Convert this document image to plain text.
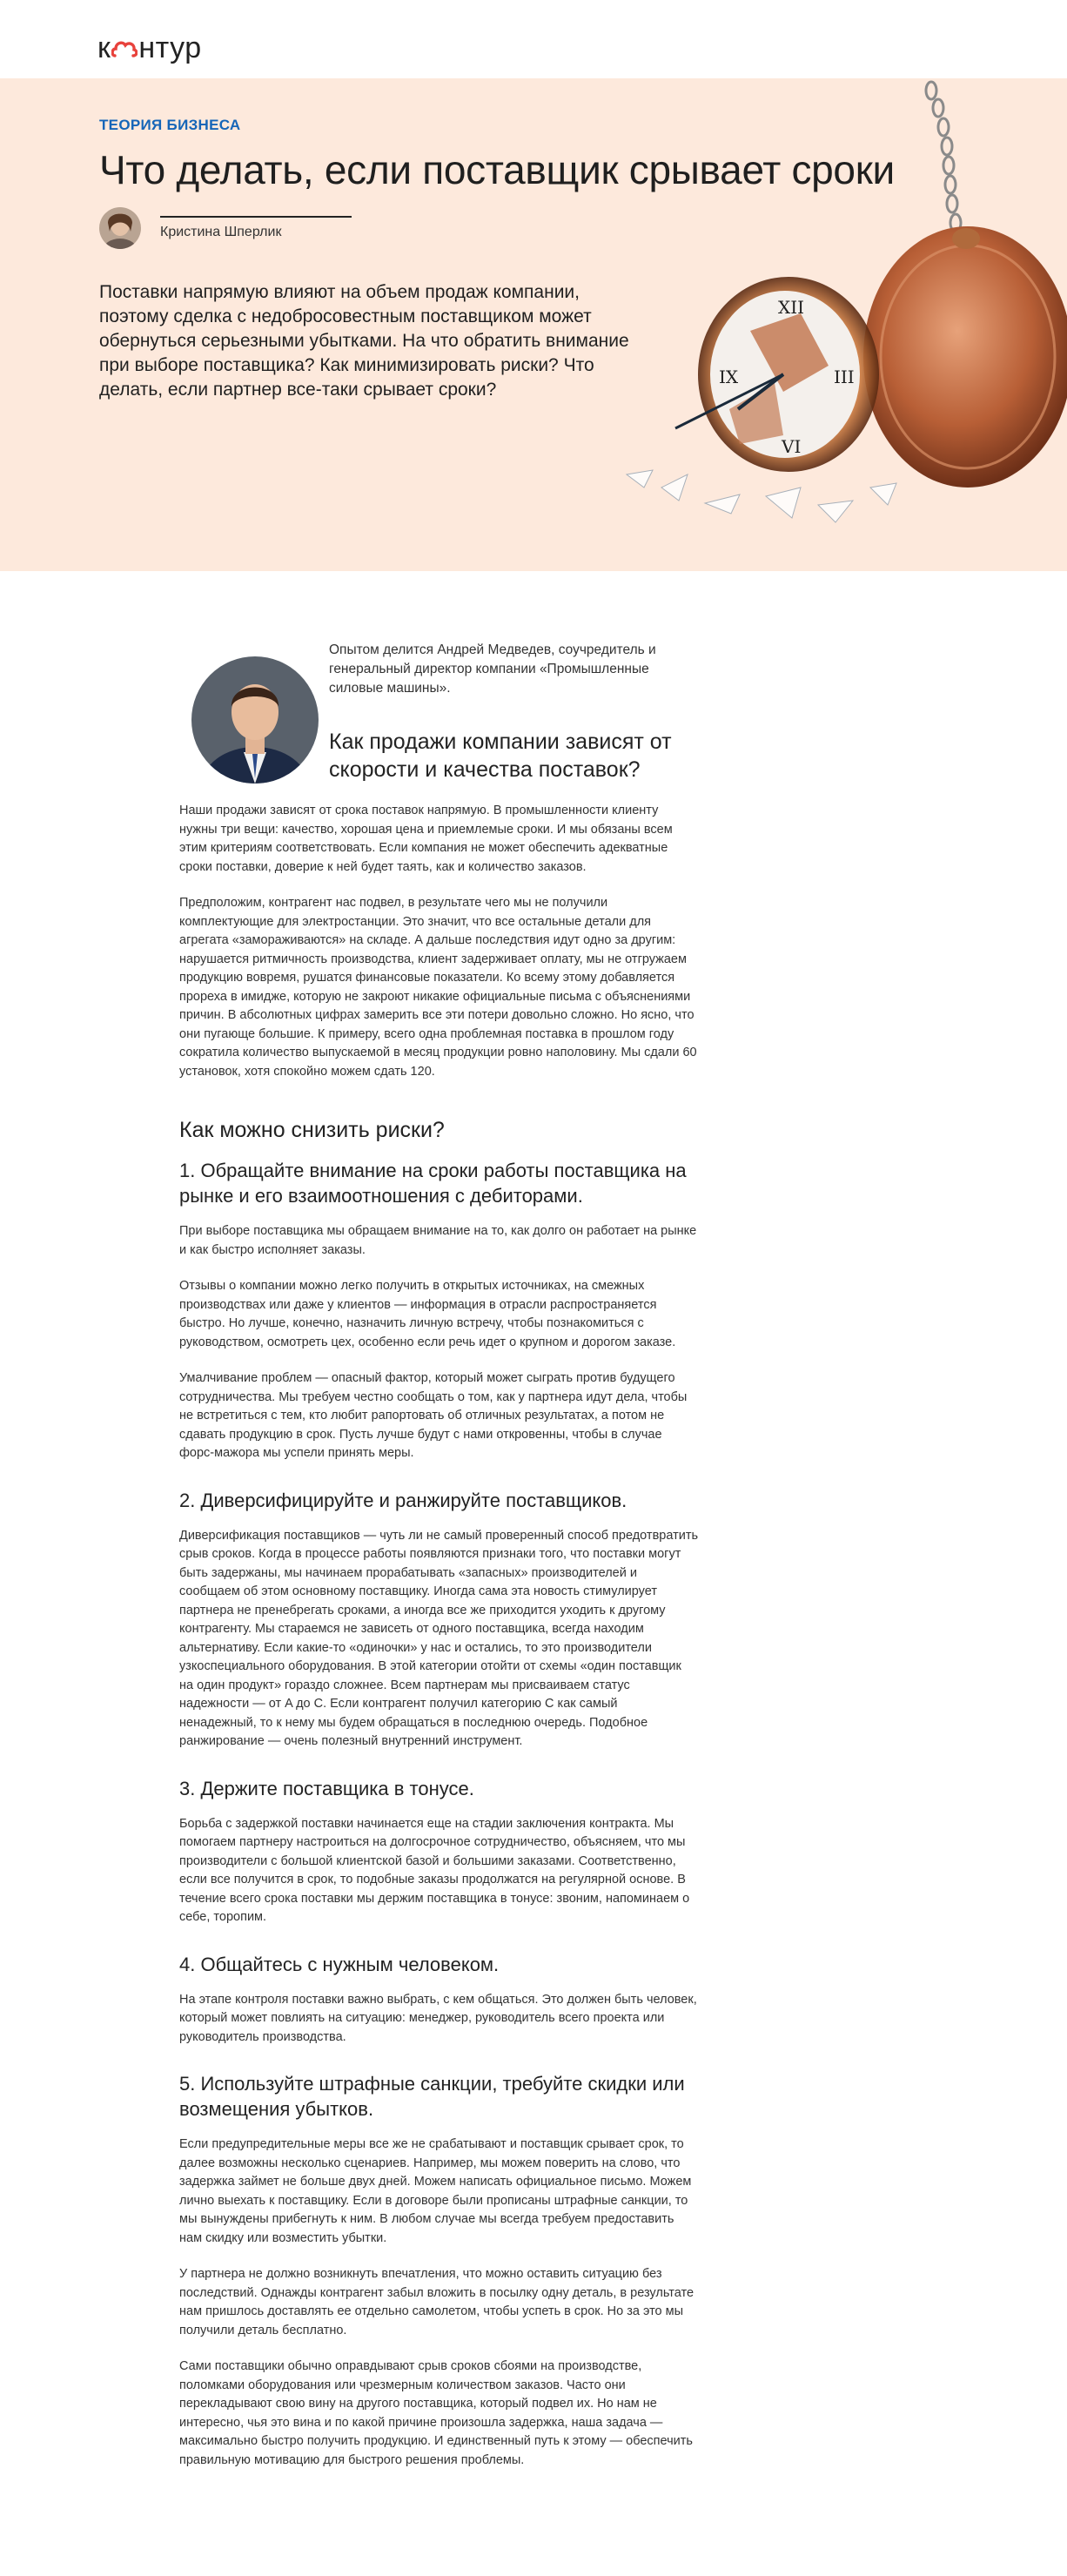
к нтур
XII
III
VI
IX
ТЕОРИЯ БИЗНЕСА
Что делать, если поставщик срывает сроки
Кристина Шперлик

Поставки напрямую влияют на объем продаж компании, поэтому сделка с недобросовестным поставщиком может обернуться серьезными убытками. На что обратить внимание при выборе поставщика? Как минимизировать риски? Что делать, если партнер все-таки срывает сроки?

Опытом делится Андрей Медведев, соучредитель и генеральный директор компании «Промышленные силовые машины».

Как продажи компании зависят от скорости и качества поставок?

Наши продажи зависят от срока поставок напрямую. В промышленности клиенту нужны три вещи: качество, хорошая цена и приемлемые сроки. И мы обязаны всем этим критериям соответствовать. Если компания не может обеспечить адекватные сроки поставки, доверие к ней будет таять, как и количество заказов.

Предположим, контрагент нас подвел, в результате чего мы не получили комплектующие для электростанции. Это значит, что все остальные детали для агрегата «замораживаются» на складе. А дальше последствия идут одно за другим: нарушается ритмичность производства, клиент задерживает оплату, мы не отгружаем продукцию вовремя, рушатся финансовые показатели. Ко всему этому добавляется прореха в имидже, которую не закроют никакие официальные письма с объяснениями причин. В абсолютных цифрах замерить все эти потери довольно сложно. Но ясно, что они пугающе большие. К примеру, всего одна проблемная поставка в прошлом году сократила количество выпускаемой в месяц продукции ровно наполовину. Мы сдали 60 установок, хотя спокойно можем сдать 120.

Как можно снизить риски?
1. Обращайте внимание на сроки работы поставщика на рынке и его взаимоотношения с дебиторами.

При выборе поставщика мы обращаем внимание на то, как долго он работает на рынке и как быстро исполняет заказы.

Отзывы о компании можно легко получить в открытых источниках, на смежных производствах или даже у клиентов — информация в отрасли распространяется быстро. Но лучше, конечно, назначить личную встречу, чтобы познакомиться с руководством, осмотреть цех, особенно если речь идет о крупном и дорогом заказе.

Умалчивание проблем — опасный фактор, который может сыграть против будущего сотрудничества. Мы требуем честно сообщать о том, как у партнера идут дела, чтобы не встретиться с тем, кто любит рапортовать об отличных результатах, а потом не сдавать продукцию в срок. Пусть лучше будут с нами откровенны, чтобы в случае форс-мажора мы успели принять меры.

2. Диверсифицируйте и ранжируйте поставщиков.

Диверсификация поставщиков — чуть ли не самый проверенный способ предотвратить срыв сроков. Когда в процессе работы появляются признаки того, что поставки могут быть задержаны, мы начинаем прорабатывать «запасных» производителей и сообщаем об этом основному поставщику. Иногда сама эта новость стимулирует партнера не пренебрегать сроками, а иногда все же приходится уходить к другому контрагенту. Мы стараемся не зависеть от одного поставщика, всегда находим альтернативу. Если какие-то «одиночки» у нас и остались, то это производители узкоспециального оборудования. В этой категории отойти от схемы «один поставщик на один продукт» гораздо сложнее. Всем партнерам мы присваиваем статус надежности — от A до C. Если контрагент получил категорию C как самый ненадежный, то к нему мы будем обращаться в последнюю очередь. Подобное ранжирование — очень полезный внутренний инструмент.

3. Держите поставщика в тонусе.

Борьба с задержкой поставки начинается еще на стадии заключения контракта. Мы помогаем партнеру настроиться на долгосрочное сотрудничество, объясняем, что мы производители с большой клиентской базой и большими заказами. Соответственно, если все получится в срок, то подобные заказы продолжатся на регулярной основе. В течение всего срока поставки мы держим поставщика в тонусе: звоним, напоминаем о себе, торопим.

4. Общайтесь с нужным человеком.

На этапе контроля поставки важно выбрать, с кем общаться. Это должен быть человек, который может повлиять на ситуацию: менеджер, руководитель всего проекта или руководитель производства.

5. Используйте штрафные санкции, требуйте скидки или возмещения убытков.

Если предупредительные меры все же не срабатывают и поставщик срывает срок, то далее возможны несколько сценариев. Например, мы можем поверить на слово, что задержка займет не больше двух дней. Можем написать официальное письмо. Можем лично выехать к поставщику. Если в договоре были прописаны штрафные санкции, то мы вынуждены прибегнуть к ним. В любом случае мы всегда требуем предоставить нам скидку или возместить убытки.

У партнера не должно возникнуть впечатления, что можно оставить ситуацию без последствий. Однажды контрагент забыл вложить в посылку одну деталь, в результате нам пришлось доставлять ее отдельно самолетом, чтобы успеть в срок. Но за это мы получили деталь бесплатно.

Сами поставщики обычно оправдывают срыв сроков сбоями на производстве, поломками оборудования или чрезмерным количеством заказов. Часто они перекладывают свою вину на другого поставщика, который подвел их. Но нам не интересно, чья это вина и по какой причине произошла задержка, наша задача — максимально быстро получить продукцию. И единственный путь к этому — обеспечить правильную мотивацию для быстрого решения проблемы.
